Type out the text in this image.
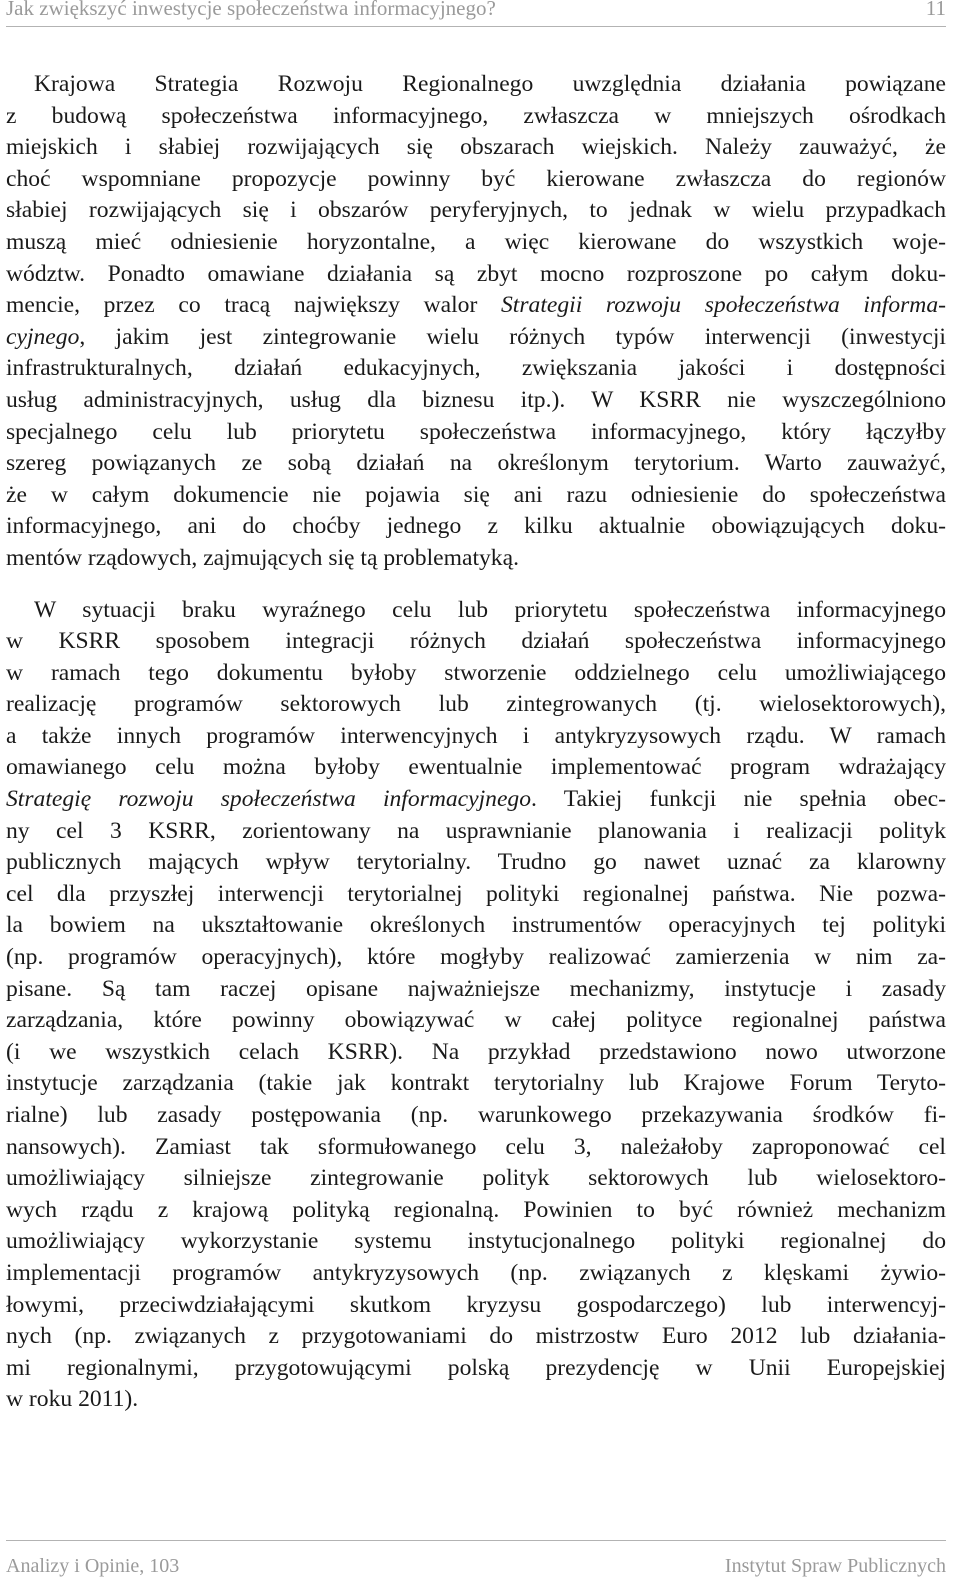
Jak zwiększyć inwestycje społeczeństwa informacyjnego?	11
Krajowa Strategia Rozwoju Regionalnego uwzględnia działania powiązane
z budową społeczeństwa informacyjnego, zwłaszcza w mniejszych ośrodkach
miejskich i słabiej rozwijających się obszarach wiejskich. Należy zauważyć, że
choć wspomniane propozycje powinny być kierowane zwłaszcza do regionów
słabiej rozwijających się i obszarów peryferyjnych, to jednak w wielu przypadkach
muszą mieć odniesienie horyzontalne, a więc kierowane do wszystkich woje-
wództw. Ponadto omawiane działania są zbyt mocno rozproszone po całym doku-
mencie, przez co tracą największy walor Strategii rozwoju społeczeństwa informa-
cyjnego, jakim jest zintegrowanie wielu różnych typów interwencji (inwestycji
infrastrukturalnych, działań edukacyjnych, zwiększania jakości i dostępności
usług administracyjnych, usług dla biznesu itp.). W KSRR nie wyszczególniono
specjalnego celu lub priorytetu społeczeństwa informacyjnego, który łączyłby
szereg powiązanych ze sobą działań na określonym terytorium. Warto zauważyć,
że w całym dokumencie nie pojawia się ani razu odniesienie do społeczeństwa
informacyjnego, ani do choćby jednego z kilku aktualnie obowiązujących doku-
mentów rządowych, zajmujących się tą problematyką.
W sytuacji braku wyraźnego celu lub priorytetu społeczeństwa informacyjnego
w KSRR sposobem integracji różnych działań społeczeństwa informacyjnego
w ramach tego dokumentu byłoby stworzenie oddzielnego celu umożliwiającego
realizację programów sektorowych lub zintegrowanych (tj. wielosektorowych),
a także innych programów interwencyjnych i antykryzysowych rządu. W ramach
omawianego celu można byłoby ewentualnie implementować program wdrażający
Strategię rozwoju społeczeństwa informacyjnego. Takiej funkcji nie spełnia obec-
ny cel 3 KSRR, zorientowany na usprawnianie planowania i realizacji polityk
publicznych mających wpływ terytorialny. Trudno go nawet uznać za klarowny
cel dla przyszłej interwencji terytorialnej polityki regionalnej państwa. Nie pozwa-
la bowiem na ukształtowanie określonych instrumentów operacyjnych tej polityki
(np. programów operacyjnych), które mogłyby realizować zamierzenia w nim za-
pisane. Są tam raczej opisane najważniejsze mechanizmy, instytucje i zasady
zarządzania, które powinny obowiązywać w całej polityce regionalnej państwa
(i we wszystkich celach KSRR). Na przykład przedstawiono nowo utworzone
instytucje zarządzania (takie jak kontrakt terytorialny lub Krajowe Forum Teryto-
rialne) lub zasady postępowania (np. warunkowego przekazywania środków fi-
nansowych). Zamiast tak sformułowanego celu 3, należałoby zaproponować cel
umożliwiający silniejsze zintegrowanie polityk sektorowych lub wielosektoro-
wych rządu z krajową polityką regionalną. Powinien to być również mechanizm
umożliwiający wykorzystanie systemu instytucjonalnego polityki regionalnej do
implementacji programów antykryzysowych (np. związanych z klęskami żywio-
łowymi, przeciwdziałającymi skutkom kryzysu gospodarczego) lub interwencyj-
nych (np. związanych z przygotowaniami do mistrzostw Euro 2012 lub działania-
mi regionalnymi, przygotowującymi polską prezydencję w Unii Europejskiej
w roku 2011).
Analizy i Opinie, 103	Instytut Spraw Publicznych
